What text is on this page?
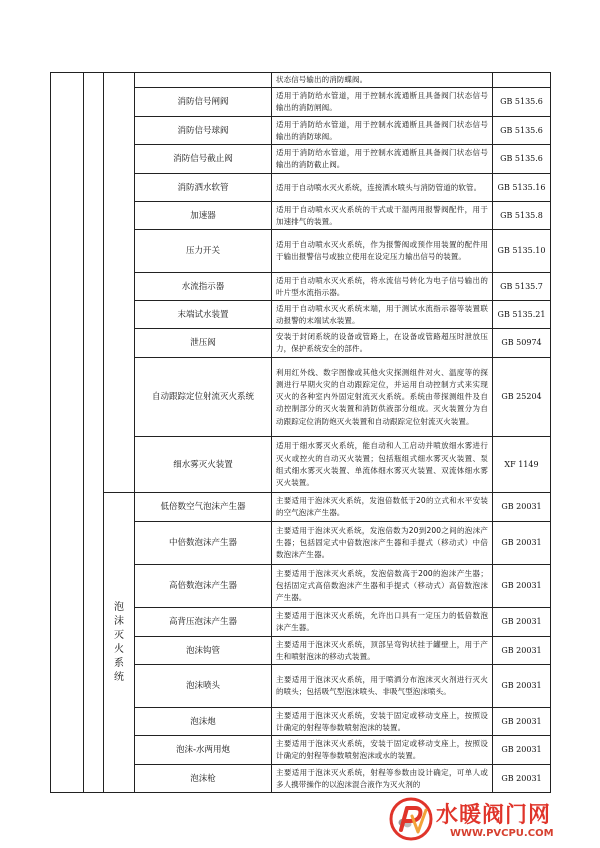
				状态信号输出的消防蝶阀。	
			消防信号闸阀	适用于消防给水管道，用于控制水流通断且具备阀门状态信号输出的消防闸阀。	GB 5135.6
			消防信号球阀	适用于消防给水管道，用于控制水流通断且具备阀门状态信号输出的消防球阀。	GB 5135.6
			消防信号截止阀	适用于消防给水管道，用于控制水流通断且具备阀门状态信号输出的消防截止阀。	GB 5135.6
			消防洒水软管	适用于自动喷水灭火系统，连接洒水喷头与消防管道的软管。	GB 5135.16
			加速器	适用于自动喷水灭火系统的干式或干湿两用报警阀配件，用于加速排气的装置。	GB 5135.8
			压力开关	适用于自动喷水灭火系统，作为报警阀或预作用装置的配件用于输出报警信号或独立使用在设定压力输出信号的装置。	GB 5135.10
			水流指示器	适用于自动喷水灭火系统，将水流信号转化为电子信号输出的叶片型水流指示器。	GB 5135.7
			末端试水装置	适用于自动喷水灭火系统末端，用于测试水流指示器等装置联动报警的末端试水装置。	GB 5135.21
			泄压阀	安装于封闭系统的设备或管路上，在设备或管路超压时泄放压力，保护系统安全的部件。	GB 50974
			自动跟踪定位射流灭火系统	利用红外线、数字图像或其他火灾探测组件对火、温度等的探测进行早期火灾的自动跟踪定位，并运用自动控制方式来实现灭火的各种室内外固定射流灭火系统。系统由带探测组件及自动控制部分的灭火装置和消防供液部分组成。灭火装置分为自动跟踪定位消防炮灭火装置和自动跟踪定位射流灭火装置。	GB 25204
			细水雾灭火装置	适用于细水雾灭火系统，能自动和人工启动并喷放细水雾进行灭火或控火的自动灭火装置；包括瓶组式细水雾灭火装置、泵组式细水雾灭火装置、单流体细水雾灭火装置、双流体细水雾灭火装置。	XF 1149
		泡沫灭火系统	低倍数空气泡沫产生器	主要适用于泡沫灭火系统，发泡倍数低于20的立式和水平安装的空气泡沫产生器。	GB 20031
			中倍数泡沫产生器	主要适用于泡沫灭火系统，发泡倍数为20到200之间的泡沫产生器；包括固定式中倍数泡沫产生器和手提式（移动式）中倍数泡沫产生器。	GB 20031
			高倍数泡沫产生器	主要适用于泡沫灭火系统，发泡倍数高于200的泡沫产生器；包括固定式高倍数泡沫产生器和手提式（移动式）高倍数泡沫产生器。	GB 20031
			高背压泡沫产生器	主要适用于泡沫灭火系统，允许出口具有一定压力的低倍数泡沫产生器。	GB 20031
			泡沫钩管	主要适用于泡沫灭火系统，顶部呈弯钩状挂于罐壁上，用于产生和喷射泡沫的移动式装置。	GB 20031
			泡沫喷头	主要适用于泡沫灭火系统，用于喷洒分布泡沫灭火剂进行灭火的喷头；包括吸气型泡沫喷头、非吸气型泡沫喷头。	GB 20031
			泡沫炮	主要适用于泡沫灭火系统，安装于固定或移动支座上，按照设计确定的射程等参数喷射泡沫的装置。	GB 20031
			泡沫-水两用炮	主要适用于泡沫灭火系统，安装于固定或移动支座上，按照设计确定的射程等参数喷射泡沫或水的装置。	GB 20031
			泡沫枪	主要适用于泡沫灭火系统，射程等参数由设计确定，可单人或多人携带操作的以泡沫混合液作为灭火剂的	GB 20031
水暖阀门网
WWW.PVCPU.COM
